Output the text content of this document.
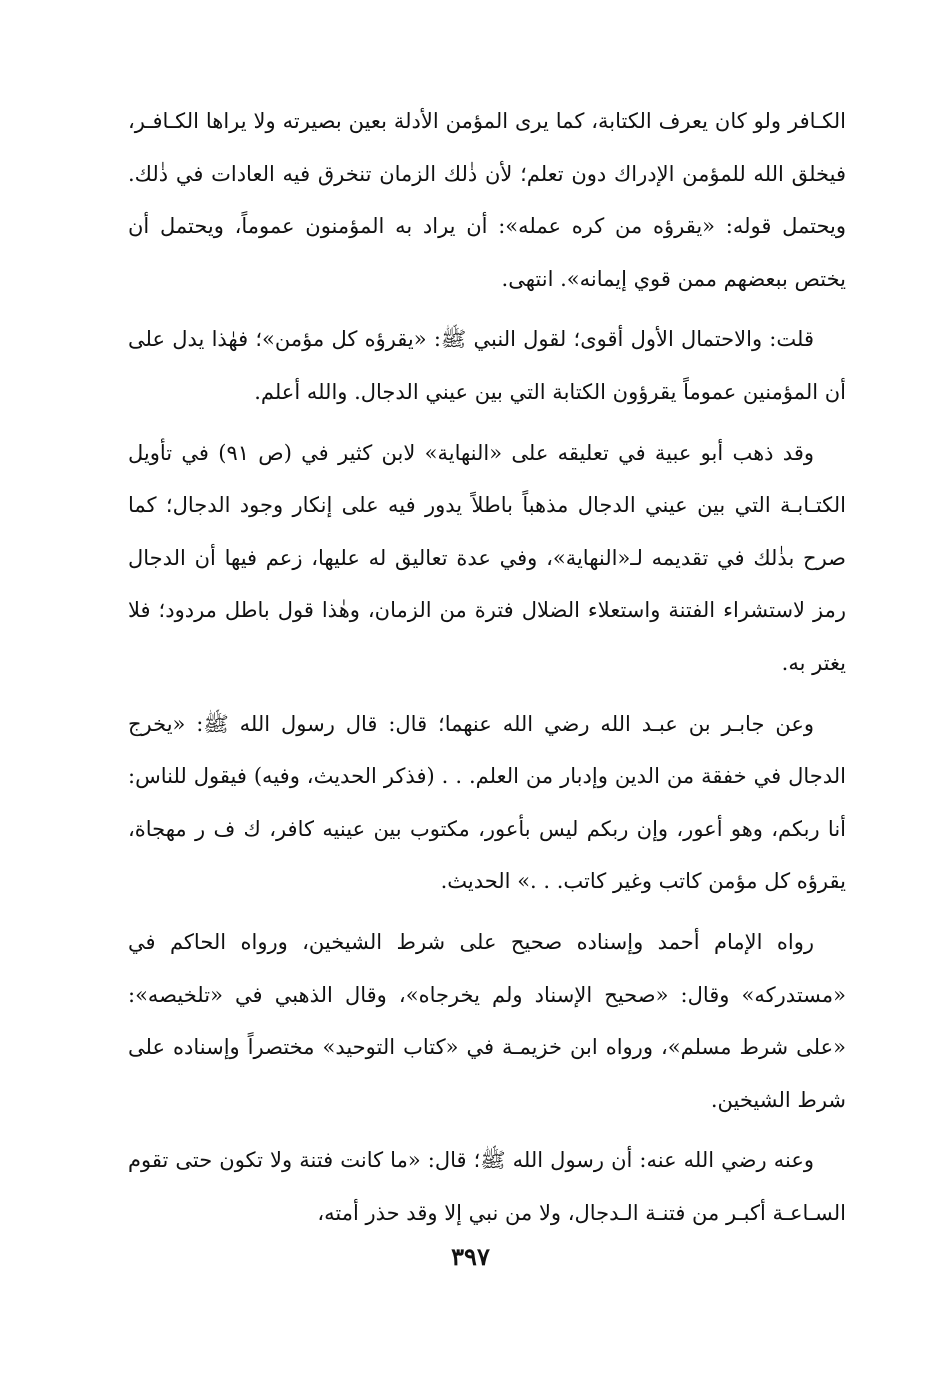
الكـافر ولو كان يعرف الكتابة، كما يرى المؤمن الأدلة بعين بصيرته ولا يراها الكـافـر، فيخلق الله للمؤمن الإدراك دون تعلم؛ لأن ذٰلك الزمان تنخرق فيه العادات في ذٰلك. ويحتمل قوله: «يقرؤه من كره عمله»: أن يراد به المؤمنون عموماً، ويحتمل أن يختص ببعضهم ممن قوي إيمانه». انتهى.

قلت: والاحتمال الأول أقوى؛ لقول النبي ﷺ: «يقرؤه كل مؤمن»؛ فهٰذا يدل على أن المؤمنين عموماً يقرؤون الكتابة التي بين عيني الدجال. والله أعلم.

وقد ذهب أبو عبية في تعليقه على «النهاية» لابن كثير في (ص ٩١) في تأويل الكتـابـة التي بين عيني الدجال مذهباً باطلاً يدور فيه على إنكار وجود الدجال؛ كما صرح بذٰلك في تقديمه لـ«النهاية»، وفي عدة تعاليق له عليها، زعم فيها أن الدجال رمز لاستشراء الفتنة واستعلاء الضلال فترة من الزمان، وهٰذا قول باطل مردود؛ فلا يغتر به.

وعن جابـر بن عبـد الله رضي الله عنهما؛ قال: قال رسول الله ﷺ: «يخرج الدجال في خفقة من الدين وإدبار من العلم. . . (فذكر الحديث، وفيه) فيقول للناس: أنا ربكم، وهو أعور، وإن ربكم ليس بأعور، مكتوب بين عينيه كافر، ك ف ر مهجاة، يقرؤه كل مؤمن كاتب وغير كاتب. . .» الحديث.

رواه الإمام أحمد وإسناده صحيح على شرط الشيخين، ورواه الحاكم في «مستدركه» وقال: «صحيح الإسناد ولم يخرجاه»، وقال الذهبي في «تلخيصه»: «على شرط مسلم»، ورواه ابن خزيمـة في «كتاب التوحيد» مختصراً وإسناده على شرط الشيخين.

وعنه رضي الله عنه: أن رسول الله ﷺ؛ قال: «ما كانت فتنة ولا تكون حتى تقوم السـاعـة أكبـر من فتنـة الـدجال، ولا من نبي إلا وقد حذر أمته،

٣٩٧
